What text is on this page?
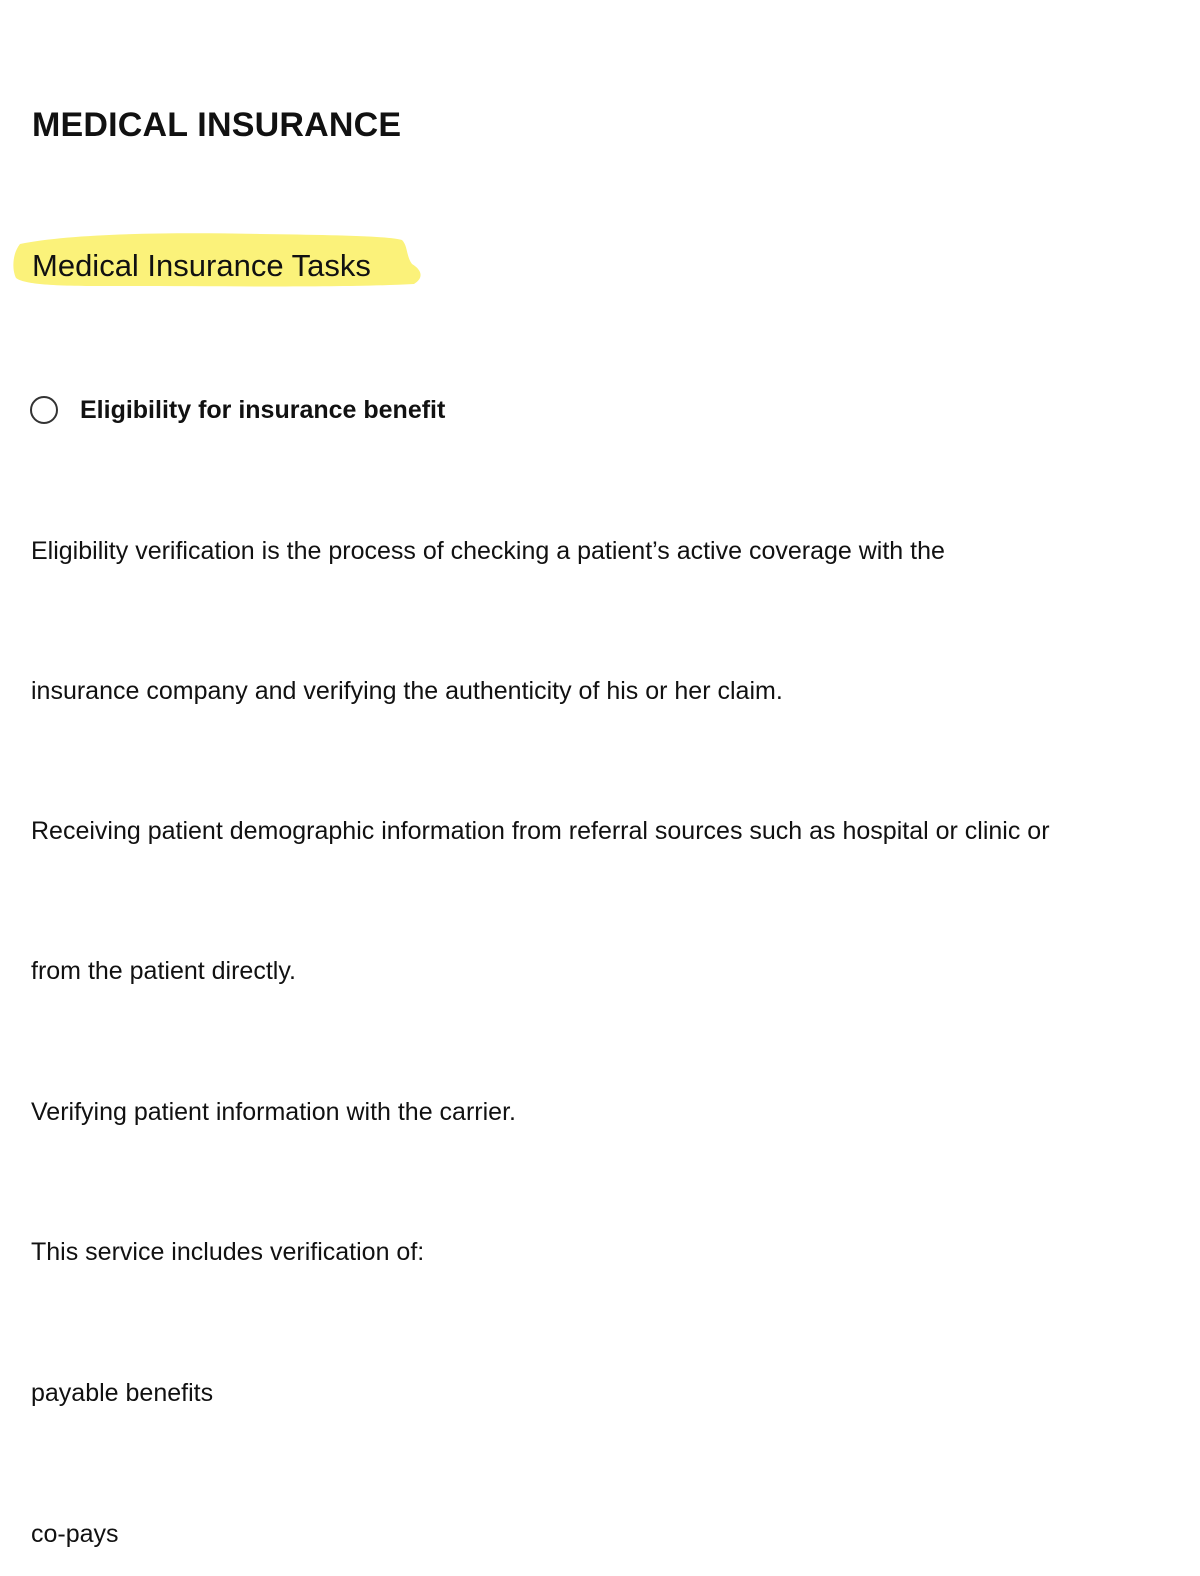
MEDICAL INSURANCE
Medical Insurance Tasks
Eligibility for insurance benefit

Eligibility verification is the process of checking a patient’s active coverage with the

insurance company and verifying the authenticity of his or her claim.

Receiving patient demographic information from referral sources such as hospital or clinic or

from the patient directly.

Verifying patient information with the carrier.

This service includes verification of:

payable benefits

co-pays
